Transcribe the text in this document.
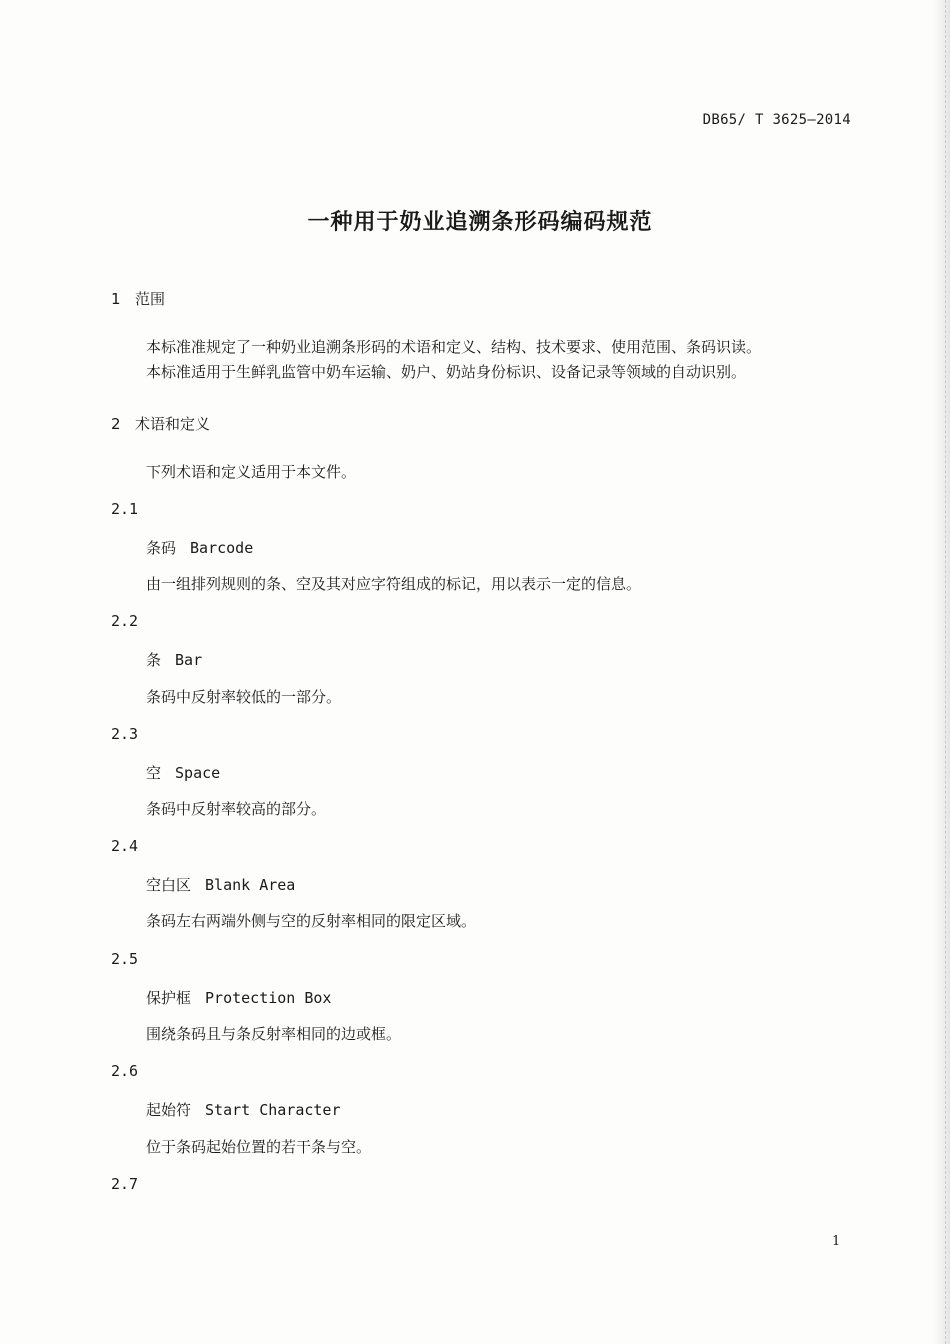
DB65/ T 3625—2014
一种用于奶业追溯条形码编码规范
1 范围
本标准准规定了一种奶业追溯条形码的术语和定义、结构、技术要求、使用范围、条码识读。
本标准适用于生鲜乳监管中奶车运输、奶户、奶站身份标识、设备记录等领域的自动识别。
2 术语和定义
下列术语和定义适用于本文件。
2.1
条码 Barcode
由一组排列规则的条、空及其对应字符组成的标记，用以表示一定的信息。
2.2
条 Bar
条码中反射率较低的一部分。
2.3
空 Space
条码中反射率较高的部分。
2.4
空白区 Blank Area
条码左右两端外侧与空的反射率相同的限定区域。
2.5
保护框 Protection Box
围绕条码且与条反射率相同的边或框。
2.6
起始符 Start Character
位于条码起始位置的若干条与空。
2.7
1
